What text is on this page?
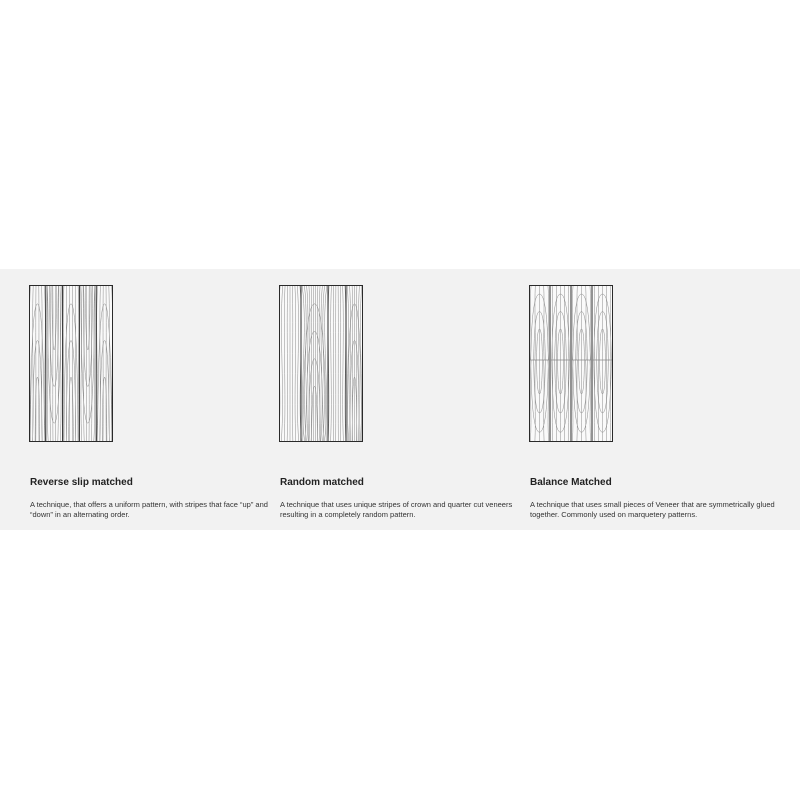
Reverse slip matched

A technique, that offers a uniform pattern, with stripes that face “up” and “down” in an alternating order.

Random matched

A technique that uses unique stripes of crown and quarter cut veneers resulting in a completely random pattern.

Balance Matched

A technique that uses small pieces of Veneer that are symmetrically glued together. Commonly used on marquetery patterns.
